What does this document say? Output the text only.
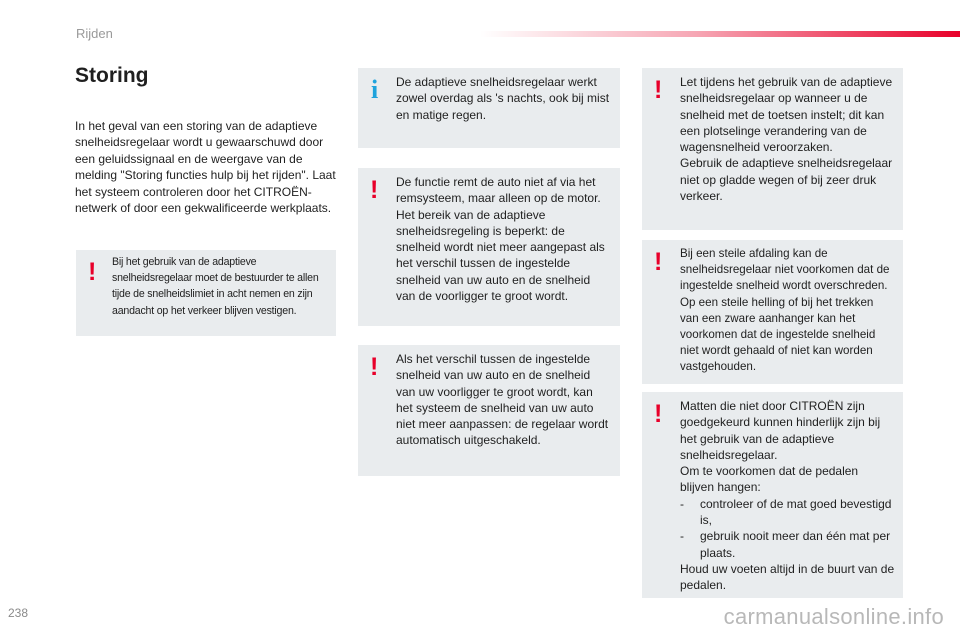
Rijden
Storing

In het geval van een storing van de adaptieve snelheidsregelaar wordt u gewaarschuwd door een geluidssignaal en de weergave van de melding "Storing functies hulp bij het rijden". Laat het systeem controleren door het CITROËN-netwerk of door een gekwalificeerde werkplaats.

! Bij het gebruik van de adaptieve snelheidsregelaar moet de bestuurder te allen tijde de snelheidslimiet in acht nemen en zijn aandacht op het verkeer blijven vestigen.

i De adaptieve snelheidsregelaar werkt zowel overdag als 's nachts, ook bij mist en matige regen.

! De functie remt de auto niet af via het remsysteem, maar alleen op de motor. Het bereik van de adaptieve snelheidsregeling is beperkt: de snelheid wordt niet meer aangepast als het verschil tussen de ingestelde snelheid van uw auto en de snelheid van de voorligger te groot wordt.

! Als het verschil tussen de ingestelde snelheid van uw auto en de snelheid van uw voorligger te groot wordt, kan het systeem de snelheid van uw auto niet meer aanpassen: de regelaar wordt automatisch uitgeschakeld.

! Let tijdens het gebruik van de adaptieve snelheidsregelaar op wanneer u de snelheid met de toetsen instelt; dit kan een plotselinge verandering van de wagensnelheid veroorzaken.
Gebruik de adaptieve snelheidsregelaar niet op gladde wegen of bij zeer druk verkeer.

! Bij een steile afdaling kan de snelheidsregelaar niet voorkomen dat de ingestelde snelheid wordt overschreden. Op een steile helling of bij het trekken van een zware aanhanger kan het voorkomen dat de ingestelde snelheid niet wordt gehaald of niet kan worden vastgehouden.

! Matten die niet door CITROËN zijn goedgekeurd kunnen hinderlijk zijn bij het gebruik van de adaptieve snelheidsregelaar.
Om te voorkomen dat de pedalen blijven hangen:
- controleer of de mat goed bevestigd is,
- gebruik nooit meer dan één mat per plaats.
Houd uw voeten altijd in de buurt van de pedalen.
238	carmanualsonline.info
